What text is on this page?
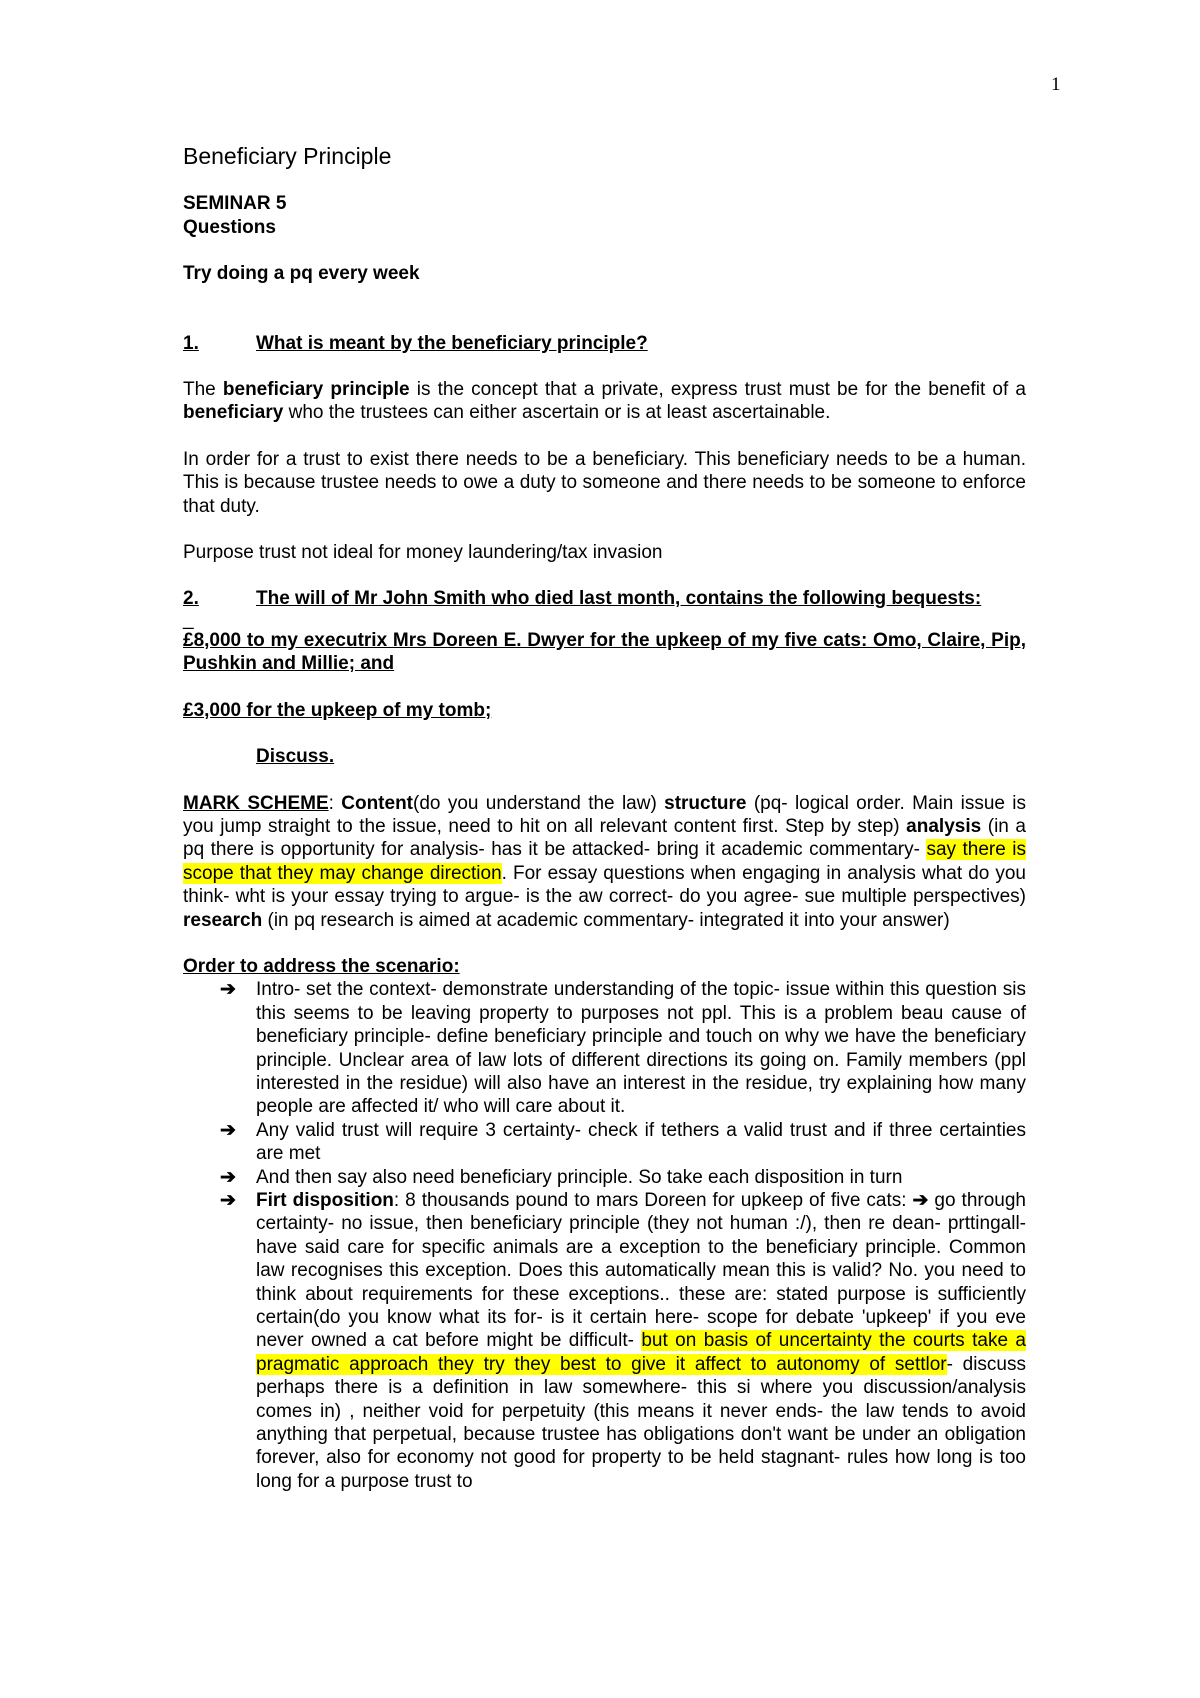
1
Beneficiary Principle

SEMINAR 5

Questions

Try doing a pq every week

1.	What is meant by the beneficiary principle?

The beneficiary principle is the concept that a private, express trust must be for the benefit of a beneficiary who the trustees can either ascertain or is at least ascertainable.

In order for a trust to exist there needs to be a beneficiary. This beneficiary needs to be a human. This is because trustee needs to owe a duty to someone and there needs to be someone to enforce that duty.

Purpose trust not ideal for money laundering/tax invasion

2.	The will of Mr John Smith who died last month, contains the following bequests:

_

£8,000 to my executrix Mrs Doreen E. Dwyer for the upkeep of my five cats: Omo, Claire, Pip, Pushkin and Millie; and

£3,000 for the upkeep of my tomb;

Discuss.

MARK SCHEME: Content(do you understand the law) structure (pq- logical order. Main issue is you jump straight to the issue, need to hit on all relevant content first. Step by step) analysis (in a pq there is opportunity for analysis- has it be attacked- bring it academic commentary- say there is scope that they may change direction. For essay questions when engaging in analysis what do you think- wht is your essay trying to argue- is the aw correct- do you agree- sue multiple perspectives) research (in pq research is aimed at academic commentary- integrated it into your answer)

Order to address the scenario:

➔	Intro- set the context- demonstrate understanding of the topic- issue within this question sis this seems to be leaving property to purposes not ppl. This is a problem beau cause of beneficiary principle- define beneficiary principle and touch on why we have the beneficiary principle. Unclear area of law lots of different directions its going on. Family members (ppl interested in the residue) will also have an interest in the residue, try explaining how many people are affected it/ who will care about it.
➔	Any valid trust will require 3 certainty- check if tethers a valid trust and if three certainties are met
➔	And then say also need beneficiary principle. So take each disposition in turn
➔	Firt disposition: 8 thousands pound to mars Doreen for upkeep of five cats: ➔ go through certainty- no issue, then beneficiary principle (they not human :/), then re dean- prttingall- have said care for specific animals are a exception to the beneficiary principle. Common law recognises this exception. Does this automatically mean this is valid? No. you need to think about requirements for these exceptions.. these are: stated purpose is sufficiently certain(do you know what its for- is it certain here- scope for debate 'upkeep' if you eve never owned a cat before might be difficult- but on basis of uncertainty the courts take a pragmatic approach they try they best to give it affect to autonomy of settlor- discuss perhaps there is a definition in law somewhere- this si where you discussion/analysis comes in) , neither void for perpetuity (this means it never ends- the law tends to avoid anything that perpetual, because trustee has obligations don't want be under an obligation forever, also for economy not good for property to be held stagnant- rules how long is too long for a purpose trust to
